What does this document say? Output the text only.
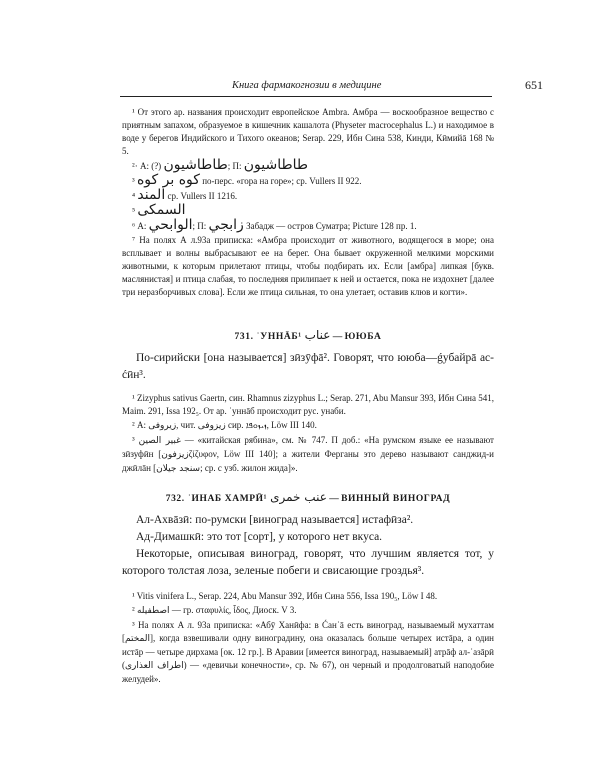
Книга фармакогнозии в медицине	651

¹ От этого ар. названия происходит европейское Ambra. Амбра — воскообразное вещество с приятным запахом, образуемое в кишечник кашалота (Physeter macrocephalus L.) и находимое в воде у берегов Индийского и Тихого океанов; Serap. 229, Ибн Сина 538, Кинди, Кӣмийā 168 № 5.

²· А: (?) طاطاشيون; П: طاطاشيون

³ كوه بر كوه по-перс. «гора на горе»; ср. Vullers II 922.

⁴ المند ср. Vullers II 1216.

⁵ السمكى

⁶ А: الوابحي; П: زابجي Забадж — остров Суматра; Picture 128 пр. 1.

⁷ На полях А л.93а приписка: «Амбра происходит от животного, водящегося в море; она всплывает и волны выбрасывают ее на берег. Она бывает окруженной мелкими морскими животными, к которым прилетают птицы, чтобы подбирать их. Если [амбра] липкая [букв. маслянистая] и птица слабая, то последняя прилипает к ней и остается, пока не издохнет [далее три неразборчивых слова]. Если же птица сильная, то она улетает, оставив клюв и когти».

731. ʿУННĀБ¹ عناب — ЮЮБА

По-сирийски [она называется] зӣзӯфā². Говорят, что ююба—ǵубайрā ас-ćӣн³.

¹ Zizyphus sativus Gaertn, син. Rhamnus zizyphus L.; Serap. 271, Abu Mansur 393, Ибн Сина 541, Maim. 291, Issa 192₅. От ар. ʿуннāб происходит рус. унаби.

² А: زيروفى, чит. زيزوفى сир. ܙܝܙܘܦܐ, Löw III 140.

³ غبير الصين — «китайская рябина», см. № 747. П доб.: «На румском языке ее называют зӣзуфӣн [زيزفونζίζυφον, Löw III 140]; а жители Ферганы это дерево называют санджид-и джӣлāн [سنجد جيلان; ср. с узб. жилон жида]».

732. ʿИНАБ ХАМРӢ¹ عنب خمرى — ВИННЫЙ ВИНОГРАД

Ал-Ахвāзӣ: по-румски [виноград называется] истафӣза².

Ад-Димашкӣ: это тот [сорт], у которого нет вкуса.

Некоторые, описывая виноград, говорят, что лучшим является тот, у которого толстая лоза, зеленые побеги и свисающие гроздья³.

¹ Vitis vinifera L., Serap. 224, Abu Mansur 392, Ибн Сина 556, Issa 190₅, Löw I 48.

² اصطفيله — гр. σταφυλίς, ἶδος, Диоск. V 3.

³ На полях А л. 93а приписка: «Абӯ Ханӣфа: в Ćанʿā есть виноград, называемый мухаттам [المختم], когда взвешивали одну виноградину, она оказалась больше четырех истāра, а один истāр — четыре дирхама [ок. 12 гр.]. В Аравии [имеется виноград, называемый] атрāф ал-ʿазāрӣ (اطراف العذارى) — «девичьи конечности», ср. № 67), он черный и продолговатый наподобие желудей».
